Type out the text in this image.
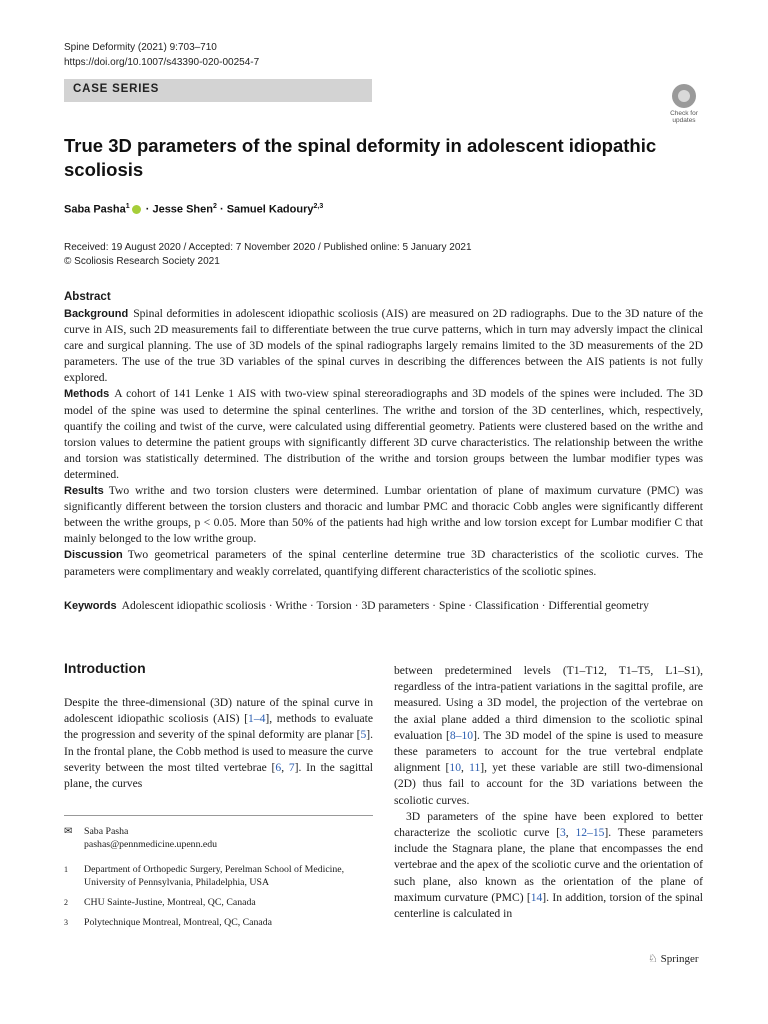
Spine Deformity (2021) 9:703–710
https://doi.org/10.1007/s43390-020-00254-7
CASE SERIES
Check for
updates
True 3D parameters of the spinal deformity in adolescent idiopathic scoliosis
Saba Pasha$^1$ · Jesse Shen$^2$ · Samuel Kadoury$^{2,3}$
Received: 19 August 2020 / Accepted: 7 November 2020 / Published online: 5 January 2021
© Scoliosis Research Society 2021
Abstract

Background Spinal deformities in adolescent idiopathic scoliosis (AIS) are measured on 2D radiographs. Due to the 3D nature of the curve in AIS, such 2D measurements fail to differentiate between the true curve patterns, which in turn may adversly impact the clinical care and surgical planning. The use of 3D models of the spinal radiographs largely remains limited to the 3D measurements of the 2D parameters. The use of the true 3D variables of the spinal curves in describing the differences between the AIS patients is not fully explored.

Methods A cohort of 141 Lenke 1 AIS with two-view spinal stereoradiographs and 3D models of the spines were included. The 3D model of the spine was used to determine the spinal centerlines. The writhe and torsion of the 3D centerlines, which, respectively, quantify the coiling and twist of the curve, were calculated using differential geometry. Patients were clustered based on the writhe and torsion values to determine the patient groups with significantly different 3D curve characteristics. The relationship between the writhe and torsion was statistically determined. The distribution of the writhe and torsion groups between the lumbar modifier types was determined.

Results Two writhe and two torsion clusters were determined. Lumbar orientation of plane of maximum curvature (PMC) was significantly different between the torsion clusters and thoracic and lumbar PMC and thoracic Cobb angles were significantly different between the writhe groups, p < 0.05. More than 50% of the patients had high writhe and low torsion except for Lumbar modifier C that mainly belonged to the low writhe group.

Discussion Two geometrical parameters of the spinal centerline determine true 3D characteristics of the scoliotic curves. The parameters were complimentary and weakly correlated, quantifying different characteristics of the scoliotic spines.

Keywords Adolescent idiopathic scoliosis · Writhe · Torsion · 3D parameters · Spine · Classification · Differential geometry
Introduction

Despite the three-dimensional (3D) nature of the spinal curve in adolescent idiopathic scoliosis (AIS) [1–4], methods to evaluate the progression and severity of the spinal deformity are planar [5]. In the frontal plane, the Cobb method is used to measure the curve severity between the most tilted vertebrae [6, 7]. In the sagittal plane, the curves

between predetermined levels (T1–T12, T1–T5, L1–S1), regardless of the intra-patient variations in the sagittal profile, are measured. Using a 3D model, the projection of the vertebrae on the axial plane added a third dimension to the scoliotic spinal evaluation [8–10]. The 3D model of the spine is used to measure these parameters to account for the true vertebral endplate alignment [10, 11], yet these variable are still two-dimensional (2D) thus fail to account for the 3D variations between the scoliotic curves.

3D parameters of the spine have been explored to better characterize the scoliotic curve [3, 12–15]. These parameters include the Stagnara plane, the plane that encompasses the end vertebrae and the apex of the scoliotic curve and the orientation of such plane, also known as the orientation of the plane of maximum curvature (PMC) [14]. In addition, torsion of the spinal centerline is calculated in

✉ Saba Pasha
pashas@pennmedicine.upenn.edu
1 Department of Orthopedic Surgery, Perelman School of Medicine, University of Pennsylvania, Philadelphia, USA
2 CHU Sainte-Justine, Montreal, QC, Canada
3 Polytechnique Montreal, Montreal, QC, Canada
♘ Springer
